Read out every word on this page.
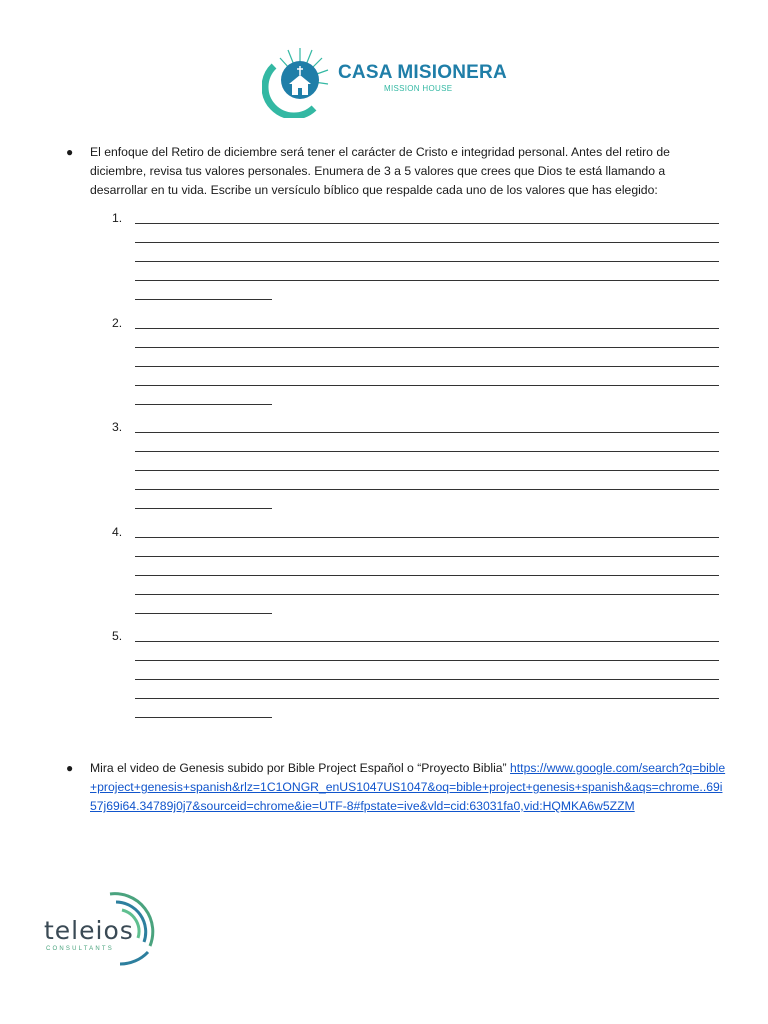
CASA MISIONERA
MISSION HOUSE
● El enfoque del Retiro de diciembre será tener el carácter de Cristo e integridad personal. Antes del retiro de diciembre, revisa tus valores personales. Enumera de 3 a 5 valores que crees que Dios te está llamando a desarrollar en tu vida. Escribe un versículo bíblico que respalde cada uno de los valores que has elegido:
1.
2.
3.
4.
5.
● Mira el video de Genesis subido por Bible Project Español o “Proyecto Biblia” https://www.google.com/search?q=bible+project+genesis+spanish&rlz=1C1ONGR_enUS1047US1047&oq=bible+project+genesis+spanish&aqs=chrome..69i57j69i64.34789j0j7&sourceid=chrome&ie=UTF-8#fpstate=ive&vld=cid:63031fa0,vid:HQMKA6w5ZZM
teleios
CONSULTANTS
